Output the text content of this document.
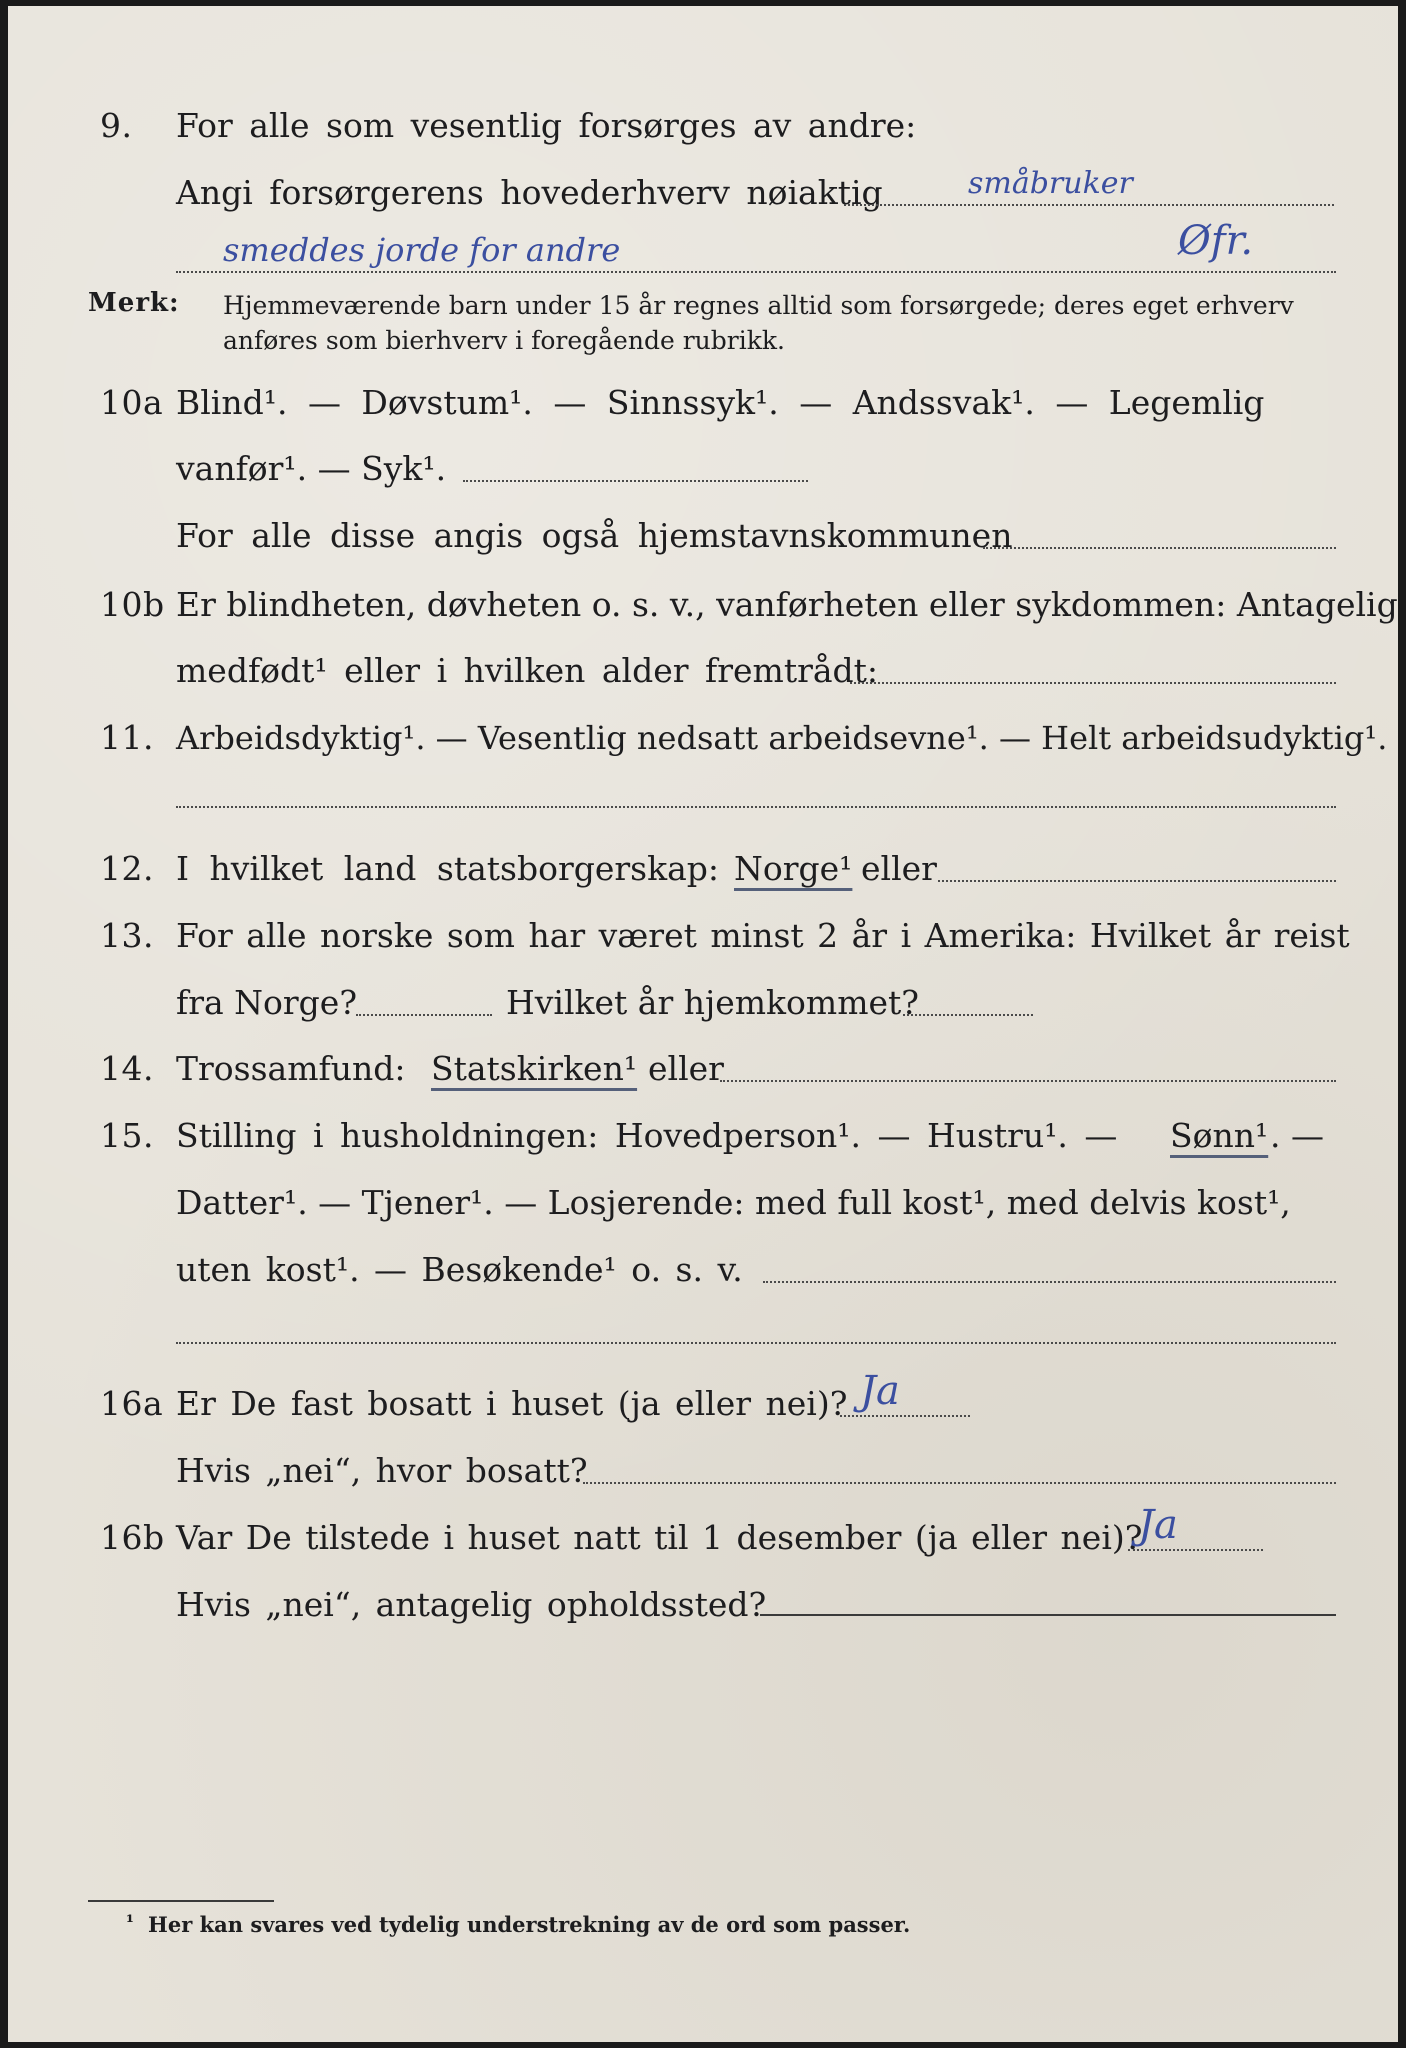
9. For alle som vesentlig forsørges av andre:
Angi forsørgerens hovederhverv nøiaktig	småbruker
smeddes jorde for andre	Øfr.
Merk: Hjemmeværende barn under 15 år regnes alltid som forsørgede; deres eget erhverv
anføres som bierhverv i foregående rubrikk.
10a Blind¹. — Døvstum¹. — Sinnssyk¹. — Andssvak¹. — Legemlig
vanfør¹. — Syk¹.
For alle disse angis også hjemstavnskommunen
10b Er blindheten, døvheten o. s. v., vanførheten eller sykdommen: Antagelig
medfødt¹ eller i hvilken alder fremtrådt:
11. Arbeidsdyktig¹. — Vesentlig nedsatt arbeidsevne¹. — Helt arbeidsudyktig¹.
12. I hvilket land statsborgerskap: Norge¹ eller
13. For alle norske som har været minst 2 år i Amerika: Hvilket år reist
fra Norge?	Hvilket år hjemkommet?
14. Trossamfund: Statskirken¹ eller
15. Stilling i husholdningen: Hovedperson¹. — Hustru¹. — Sønn¹ . —
Datter¹. — Tjener¹. — Losjerende: med full kost¹, med delvis kost¹,
uten kost¹. — Besøkende¹ o. s. v.
16a Er De fast bosatt i huset (ja eller nei)? Ja
Hvis „nei“, hvor bosatt?
16b Var De tilstede i huset natt til 1 desember (ja eller nei)?
Ja
Hvis „nei“, antagelig opholdssted?
¹ Her kan svares ved tydelig understrekning av de ord som passer.
